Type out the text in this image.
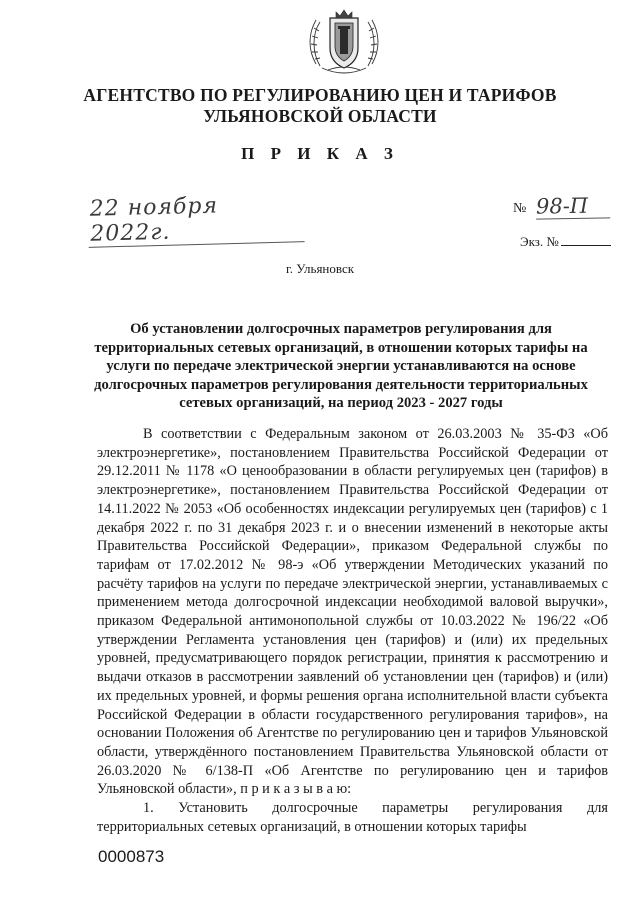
АГЕНТСТВО ПО РЕГУЛИРОВАНИЮ ЦЕН И ТАРИФОВ
УЛЬЯНОВСКОЙ ОБЛАСТИ
П Р И К А З
22 ноября 2022г.
№ 98-П
Экз. №
г. Ульяновск
Об установлении долгосрочных параметров регулирования для территориальных сетевых организаций, в отношении которых тарифы на услуги по передаче электрической энергии устанавливаются на основе долгосрочных параметров регулирования деятельности территориальных сетевых организаций, на период 2023 - 2027 годы

В соответствии с Федеральным законом от 26.03.2003 № 35-ФЗ «Об электроэнергетике», постановлением Правительства Российской Федерации от 29.12.2011 № 1178 «О ценообразовании в области регулируемых цен (тарифов) в электроэнергетике», постановлением Правительства Российской Федерации от 14.11.2022 № 2053 «Об особенностях индексации регулируемых цен (тарифов) с 1 декабря 2022 г. по 31 декабря 2023 г. и о внесении изменений в некоторые акты Правительства Российской Федерации», приказом Федеральной службы по тарифам от 17.02.2012 № 98-э «Об утверждении Методических указаний по расчёту тарифов на услуги по передаче электрической энергии, устанавливаемых с применением метода долгосрочной индексации необходимой валовой выручки», приказом Федеральной антимонопольной службы от 10.03.2022 № 196/22 «Об утверждении Регламента установления цен (тарифов) и (или) их предельных уровней, предусматривающего порядок регистрации, принятия к рассмотрению и выдачи отказов в рассмотрении заявлений об установлении цен (тарифов) и (или) их предельных уровней, и формы решения органа исполнительной власти субъекта Российской Федерации в области государственного регулирования тарифов», на основании Положения об Агентстве по регулированию цен и тарифов Ульяновской области, утверждённого постановлением Правительства Ульяновской области от 26.03.2020 № 6/138-П «Об Агентстве по регулированию цен и тарифов Ульяновской области», п р и к а з ы в а ю:

1. Установить долгосрочные параметры регулирования для территориальных сетевых организаций, в отношении которых тарифы

0000873
